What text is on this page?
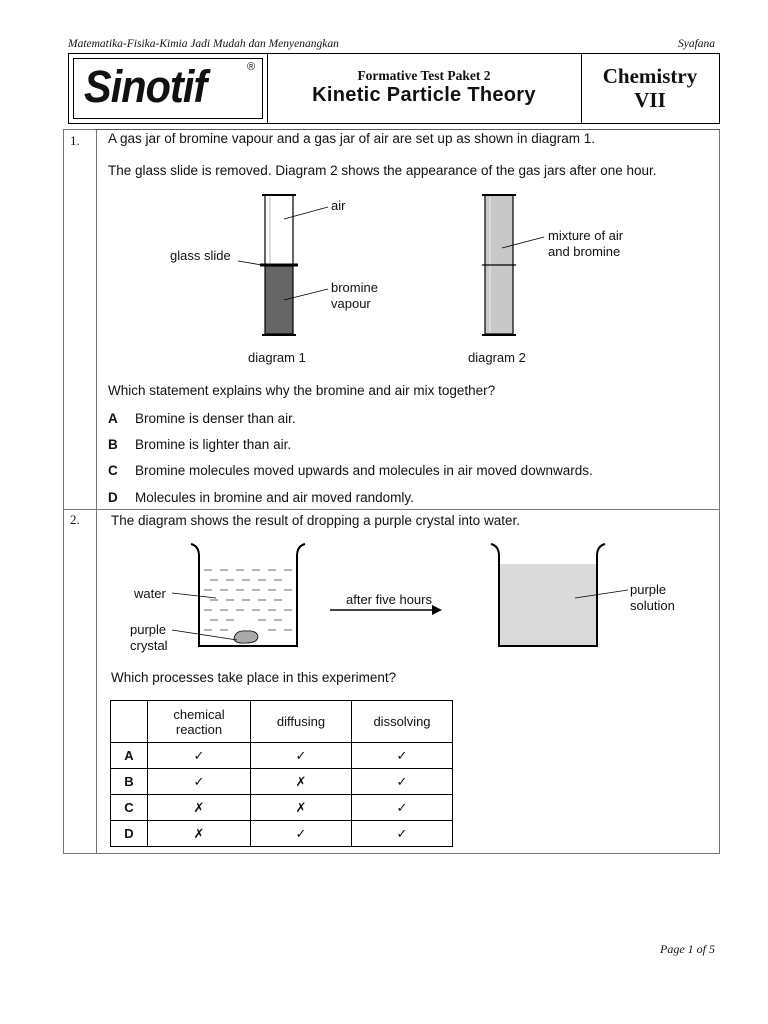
Matematika-Fisika-Kimia Jadi Mudah dan Menyenangkan	Syafana
Sinotif	®
Formative Test Paket 2
Kinetic Particle Theory
Chemistry
VII
1. A gas jar of bromine vapour and a gas jar of air are set up as shown in diagram 1.
The glass slide is removed. Diagram 2 shows the appearance of the gas jars after one hour.
air
glass slide
bromine
vapour
mixture of air
and bromine
diagram 1	diagram 2
Which statement explains why the bromine and air mix together?
A Bromine is denser than air.
B Bromine is lighter than air.
C Bromine molecules moved upwards and molecules in air moved downwards.
D Molecules in bromine and air moved randomly.
2. The diagram shows the result of dropping a purple crystal into water.
water
purple
crystal
after five hours
purple
solution
Which processes take place in this experiment?

	chemical
reaction	diffusing	dissolving
A	✓	✓	✓
B	✓	✗	✓
C	✗	✗	✓
D	✗	✓	✓
Page 1 of 5
